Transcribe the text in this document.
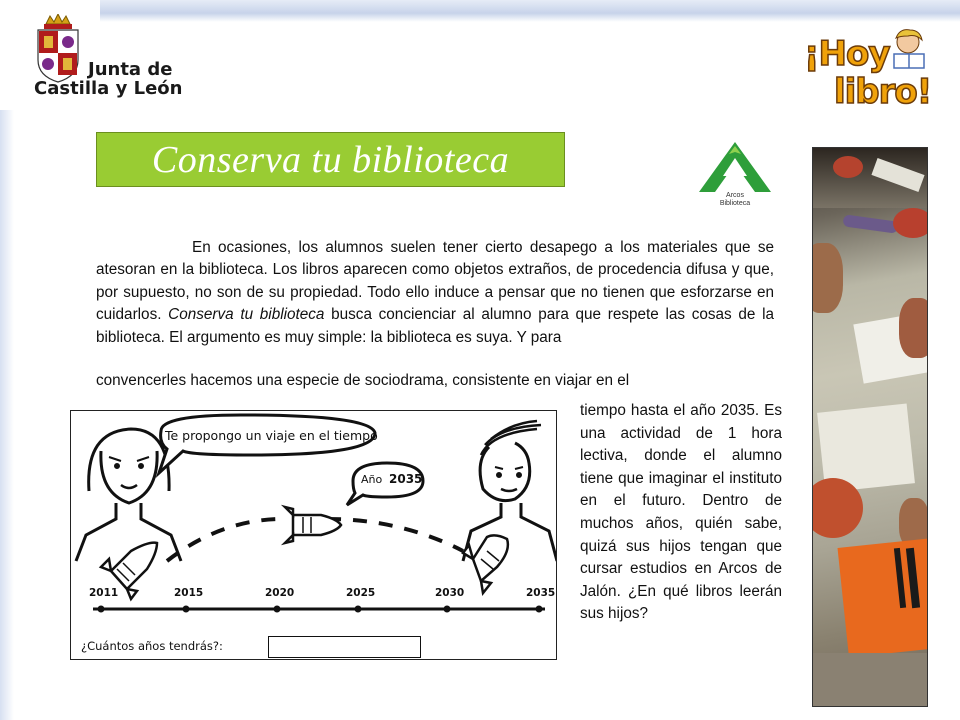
Junta de
Castilla y León
¡Hoy
libro!
Conserva tu biblioteca
Arcos
Biblioteca
En ocasiones, los alumnos suelen tener cierto desapego a los materiales que se atesoran en la biblioteca. Los libros aparecen como objetos extraños, de procedencia difusa y que, por supuesto, no son de su propiedad. Todo ello induce a pensar que no tienen que esforzarse en cuidarlos. Conserva tu biblioteca busca concienciar al alumno para que respete las cosas de la biblioteca. El argumento es muy simple: la biblioteca es suya. Y para
convencerles hacemos una especie de sociodrama, consistente en viajar en el
tiempo hasta el año 2035. Es una actividad de 1 hora lectiva, donde el alumno tiene que imaginar el instituto en el futuro. Dentro de muchos años, quién sabe, quizá sus hijos tengan que cursar estudios en Arcos de Jalón. ¿En qué libros leerán sus hijos?
Te propongo un viaje en el tiempo
Año 2035
2011	2015	2020	2025	2030	2035
¿Cuántos años tendrás?:
